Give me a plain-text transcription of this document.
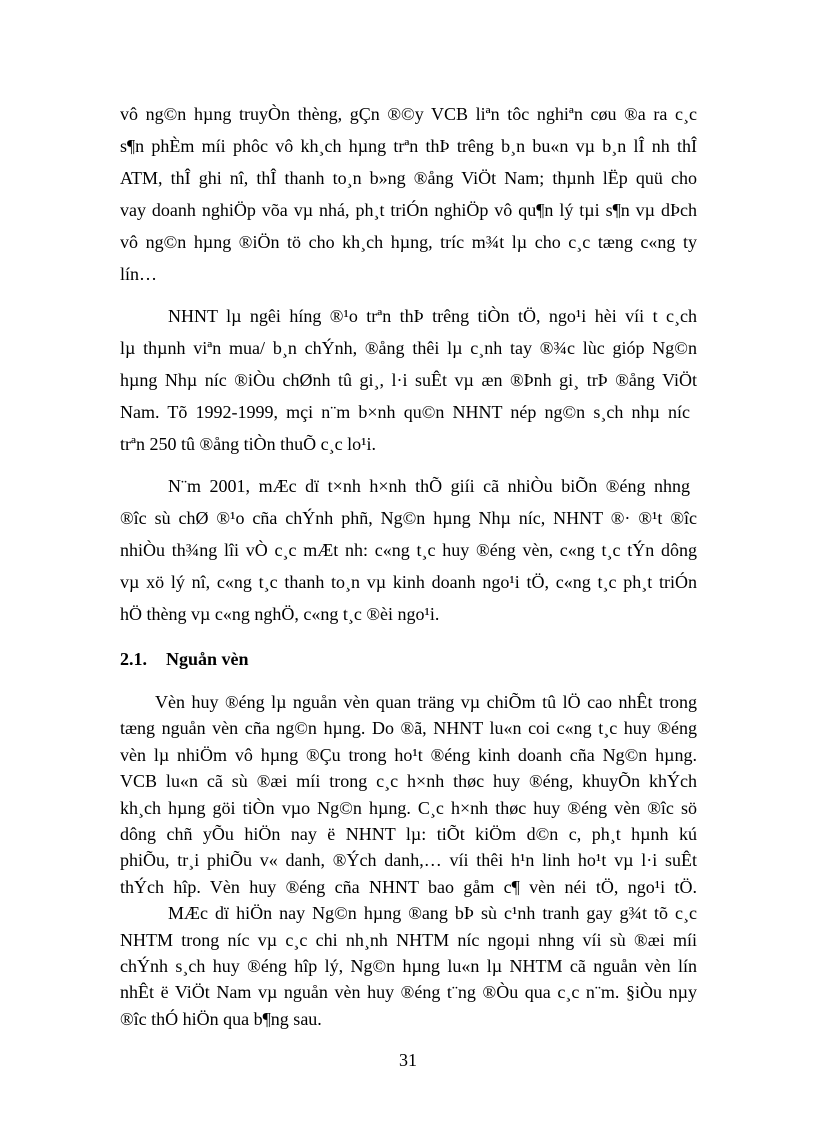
vô ng©n hµng truyÒn thèng, gÇn ®©y VCB liªn tôc nghiªn cøu ®a ra c¸c
s¶n phÈm míi phôc vô kh¸ch hµng trªn thÞ trêng b¸n bu«n vµ b¸n lÎ nh thÎ
ATM, thÎ ghi nî, thÎ thanh to¸n b»ng ®ång ViÖt Nam; thµnh lËp quü cho
vay doanh nghiÖp võa vµ nhá, ph¸t triÓn nghiÖp vô qu¶n lý tµi s¶n vµ dÞch
vô ng©n hµng ®iÖn tö cho kh¸ch hµng, tríc m¾t lµ cho c¸c tæng c«ng ty
lín…
NHNT lµ ngêi híng ®¹o trªn thÞ trêng tiÒn tÖ, ngo¹i hèi víi t c¸ch
lµ thµnh viªn mua/ b¸n chÝnh, ®ång thêi lµ c¸nh tay ®¾c lùc gióp Ng©n
hµng Nhµ níc ®iÒu chØnh tû gi¸, l·i suÊt vµ æn ®Þnh gi¸ trÞ ®ång ViÖt
Nam. Tõ 1992-1999, mçi n¨m b×nh qu©n NHNT nép ng©n s¸ch nhµ níc
trªn 250 tû ®ång tiÒn thuÕ c¸c lo¹i.
N¨m 2001, mÆc dï t×nh h×nh thÕ giíi cã nhiÒu biÕn ®éng nhng
®îc sù chØ ®¹o cña chÝnh phñ, Ng©n hµng Nhµ níc, NHNT ®· ®¹t ®îc
nhiÒu th¾ng lîi vÒ c¸c mÆt nh: c«ng t¸c huy ®éng vèn, c«ng t¸c tÝn dông
vµ xö lý nî, c«ng t¸c thanh to¸n vµ kinh doanh ngo¹i tÖ, c«ng t¸c ph¸t triÓn
hÖ thèng vµ c«ng nghÖ, c«ng t¸c ®èi ngo¹i.
2.1. Nguån vèn
Vèn huy ®éng lµ nguån vèn quan träng vµ chiÕm tû lÖ cao nhÊt trong
tæng nguån vèn cña ng©n hµng. Do ®ã, NHNT lu«n coi c«ng t¸c huy ®éng
vèn lµ nhiÖm vô hµng ®Çu trong ho¹t ®éng kinh doanh cña Ng©n hµng.
VCB lu«n cã sù ®æi míi trong c¸c h×nh thøc huy ®éng, khuyÕn khÝch
kh¸ch hµng göi tiÒn vµo Ng©n hµng. C¸c h×nh thøc huy ®éng vèn ®îc sö
dông chñ yÕu hiÖn nay ë NHNT lµ: tiÕt kiÖm d©n c, ph¸t hµnh kú
phiÕu, tr¸i phiÕu v« danh, ®Ých danh,… víi thêi h¹n linh ho¹t vµ l·i suÊt
thÝch hîp. Vèn huy ®éng cña NHNT bao gåm c¶ vèn néi tÖ, ngo¹i tÖ.
MÆc dï hiÖn nay Ng©n hµng ®ang bÞ sù c¹nh tranh gay g¾t tõ c¸c
NHTM trong níc vµ c¸c chi nh¸nh NHTM níc ngoµi nhng víi sù ®æi míi
chÝnh s¸ch huy ®éng hîp lý, Ng©n hµng lu«n lµ NHTM cã nguån vèn lín
nhÊt ë ViÖt Nam vµ nguån vèn huy ®éng t¨ng ®Òu qua c¸c n¨m. §iÒu nµy
®îc thÓ hiÖn qua b¶ng sau.
31
